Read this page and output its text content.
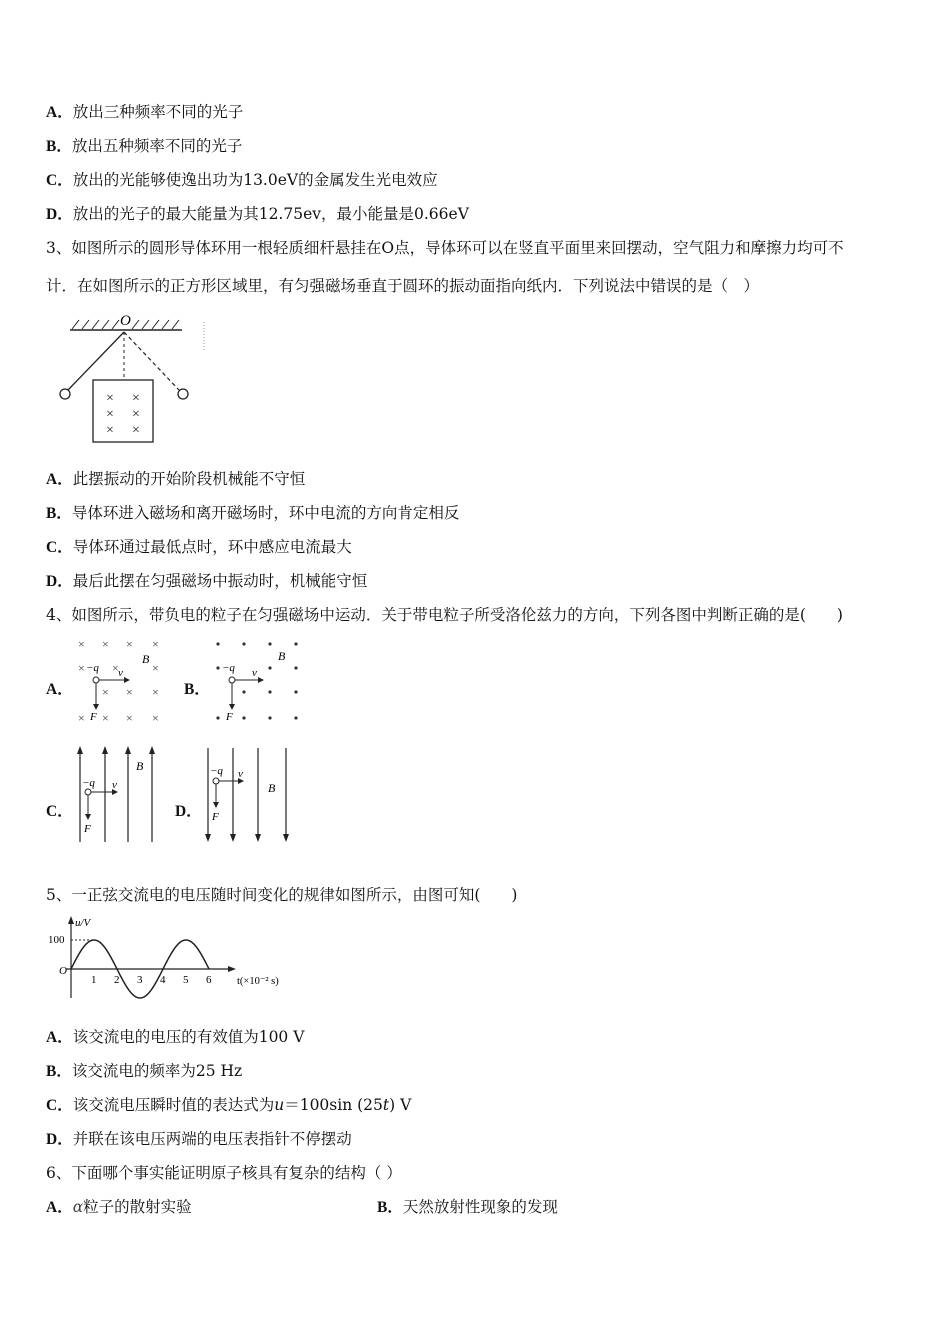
A．放出三种频率不同的光子
B．放出五种频率不同的光子
C．放出的光能够使逸出功为13.0eV的金属发生光电效应
D．放出的光子的最大能量为其12.75ev，最小能量是0.66eV
3、如图所示的圆形导体环用一根轻质细杆悬挂在O点，导体环可以在竖直平面里来回摆动，空气阻力和摩擦力均可不
计．在如图所示的正方形区域里，有匀强磁场垂直于圆环的振动面指向纸内．下列说法中错误的是（　）
O
× ×
× ×
× ×
A．此摆振动的开始阶段机械能不守恒
B．导体环进入磁场和离开磁场时，环中电流的方向肯定相反
C．导体环通过最低点时，环中感应电流最大
D．最后此摆在匀强磁场中振动时，机械能守恒
4、如图所示，带负电的粒子在匀强磁场中运动．关于带电粒子所受洛伦兹力的方向，下列各图中判断正确的是(　　)
A．
× × × ×
×
× × ×
× × × ×
× −q ×
B
v
F
B．
−q
B
v
F
C．
−q
B
v
F
D．
−q
B
v
F
5、一正弦交流电的电压随时间变化的规律如图所示，由图可知(　　)
u/V
t(×10⁻² s)
O
100
1 2 3 4 5 6
A．该交流电的电压的有效值为100 V
B．该交流电的频率为25 Hz
C．该交流电压瞬时值的表达式为u＝100sin (25t) V
D．并联在该电压两端的电压表指针不停摆动
6、下面哪个事实能证明原子核具有复杂的结构（ ）
A．α粒子的散射实验	B．天然放射性现象的发现
